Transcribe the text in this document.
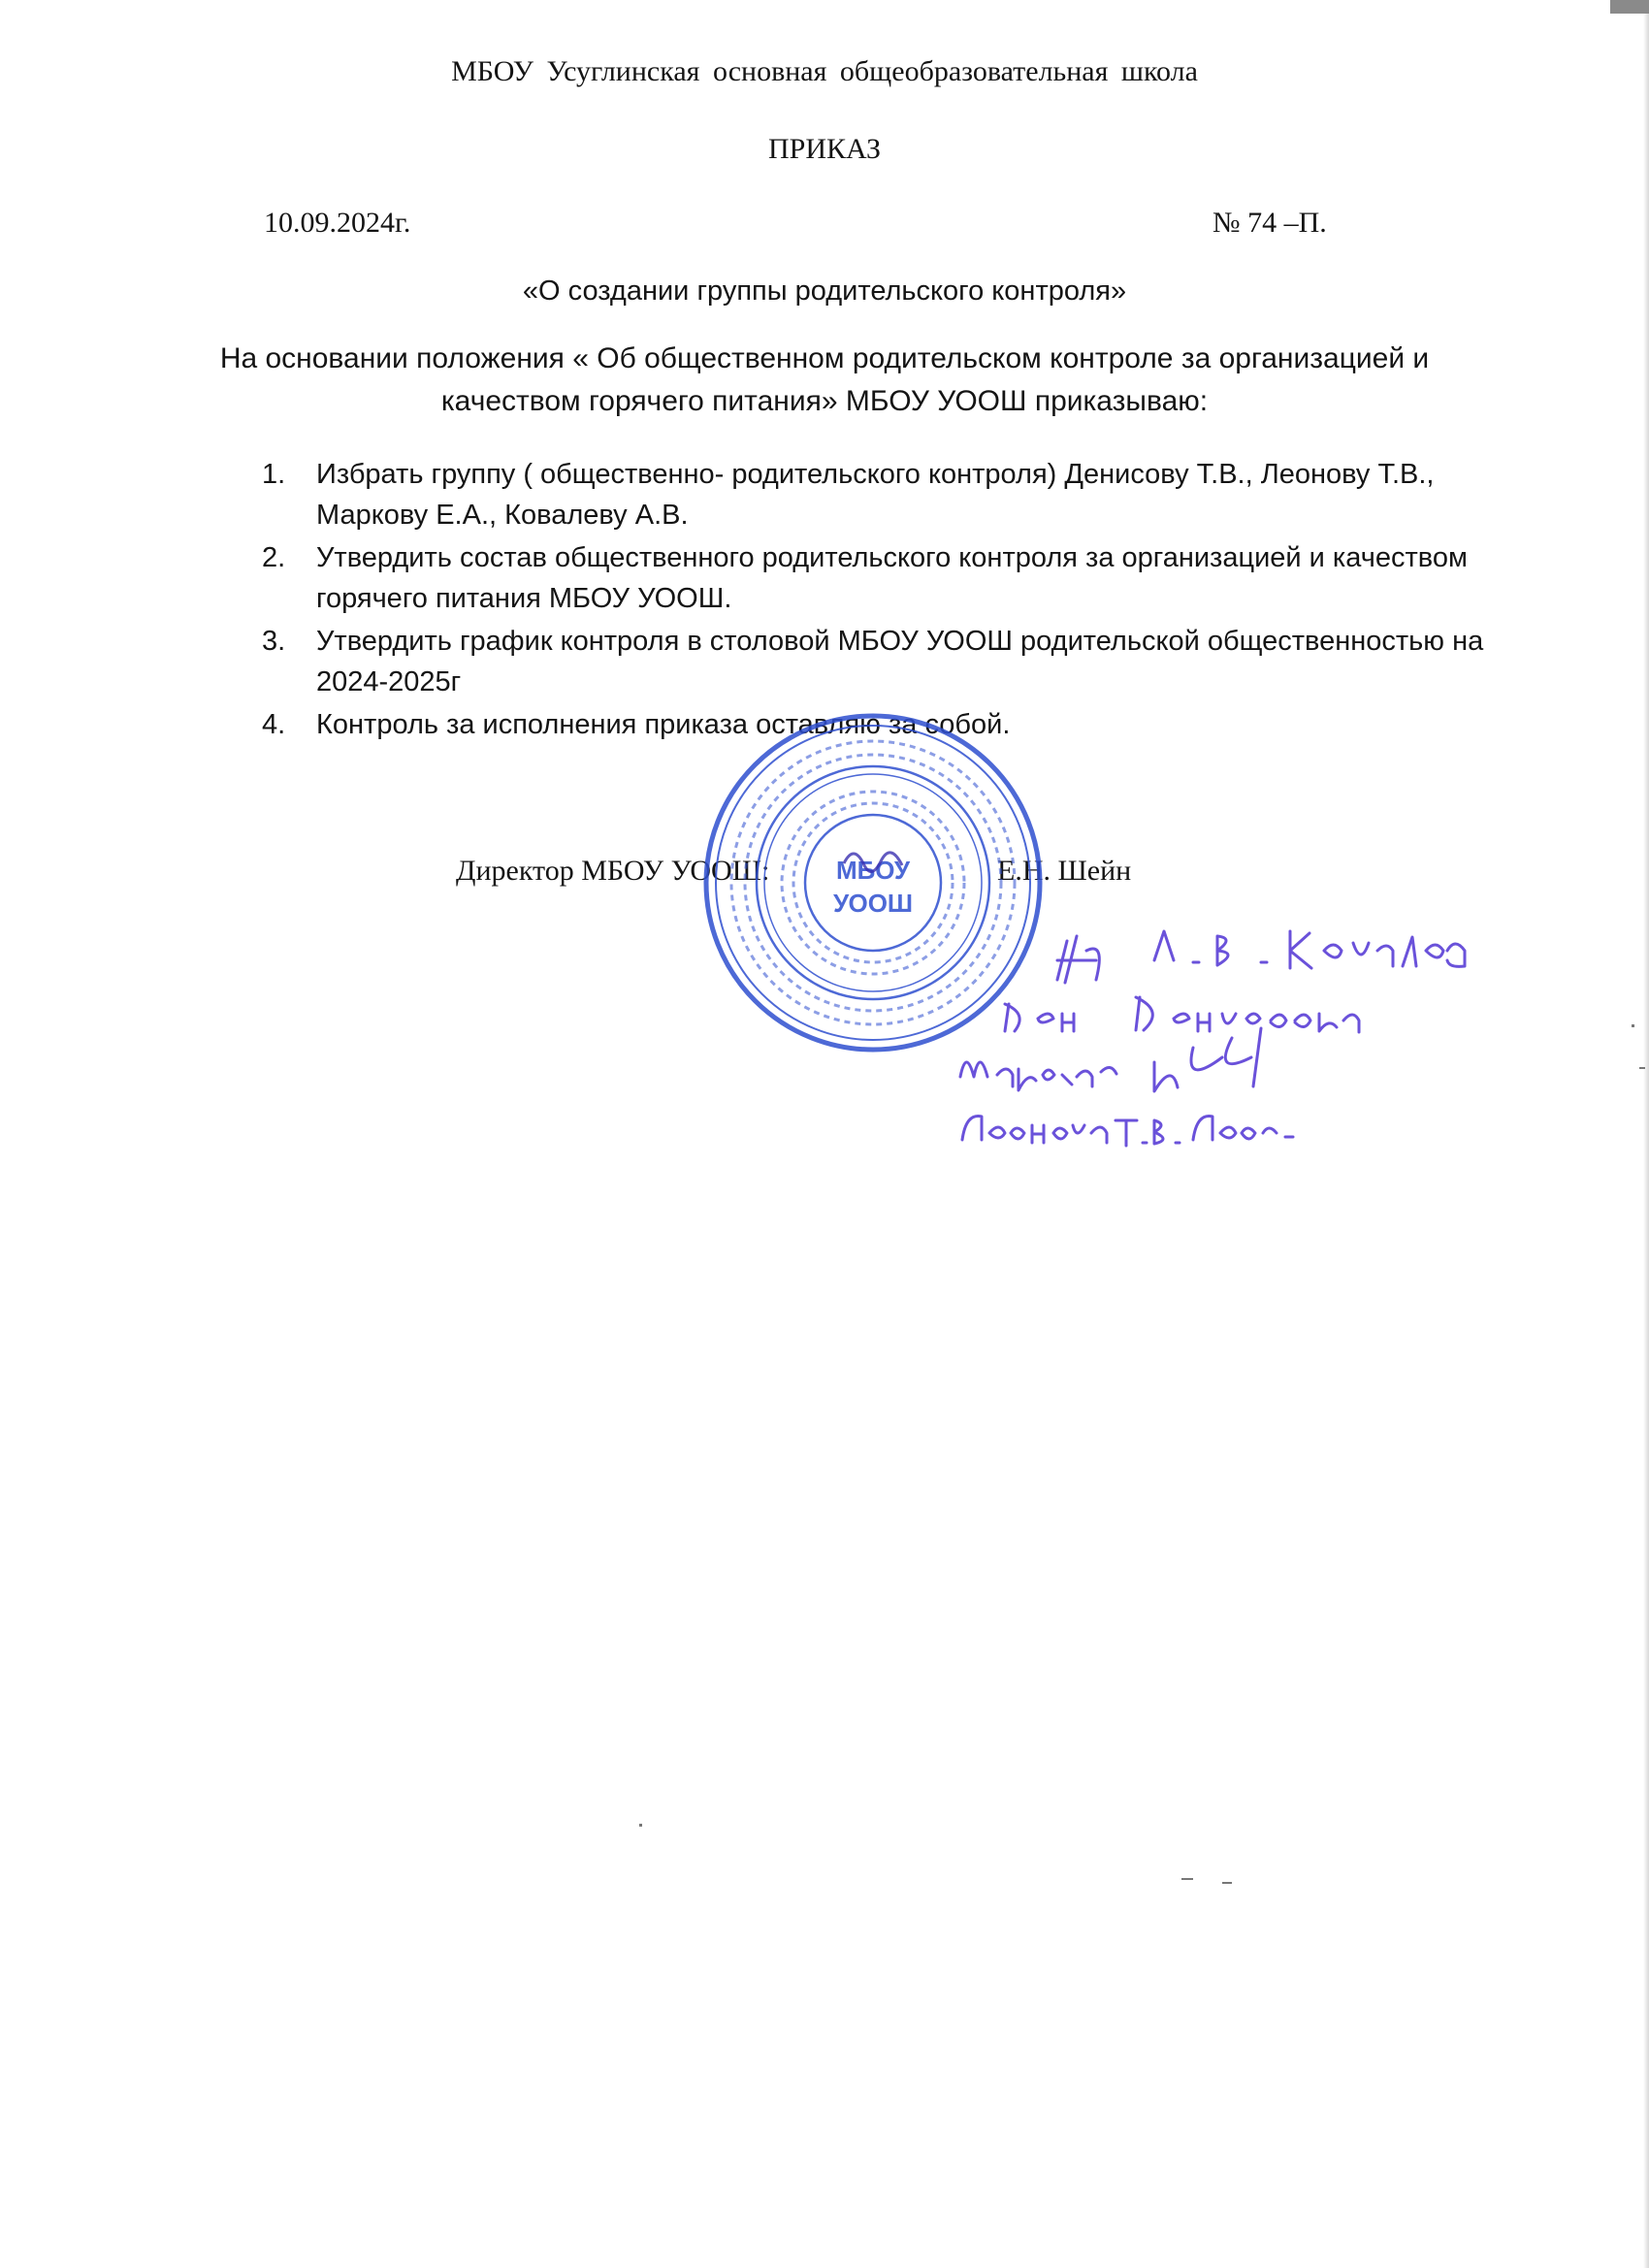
МБОУ Усуглинская основная общеобразовательная школа
ПРИКАЗ
10.09.2024г.	№ 74 –П.
«О создании группы родительского контроля»
На основании положения « Об общественном родительском контроле за организацией и
качеством горячего питания» МБОУ УООШ приказываю:
1. Избрать группу ( общественно- родительского контроля) Денисову Т.В., Леонову Т.В., Маркову Е.А., Ковалеву А.В.
2. Утвердить состав общественного родительского контроля за организацией и качеством горячего питания МБОУ УООШ.
3. Утвердить график контроля в столовой МБОУ УООШ родительской общественностью на 2024-2025г
4. Контроль за исполнения приказа оставляю за собой.
Директор МБОУ УООШ:	Е.Н. Шейн
МБОУ
УООШ
